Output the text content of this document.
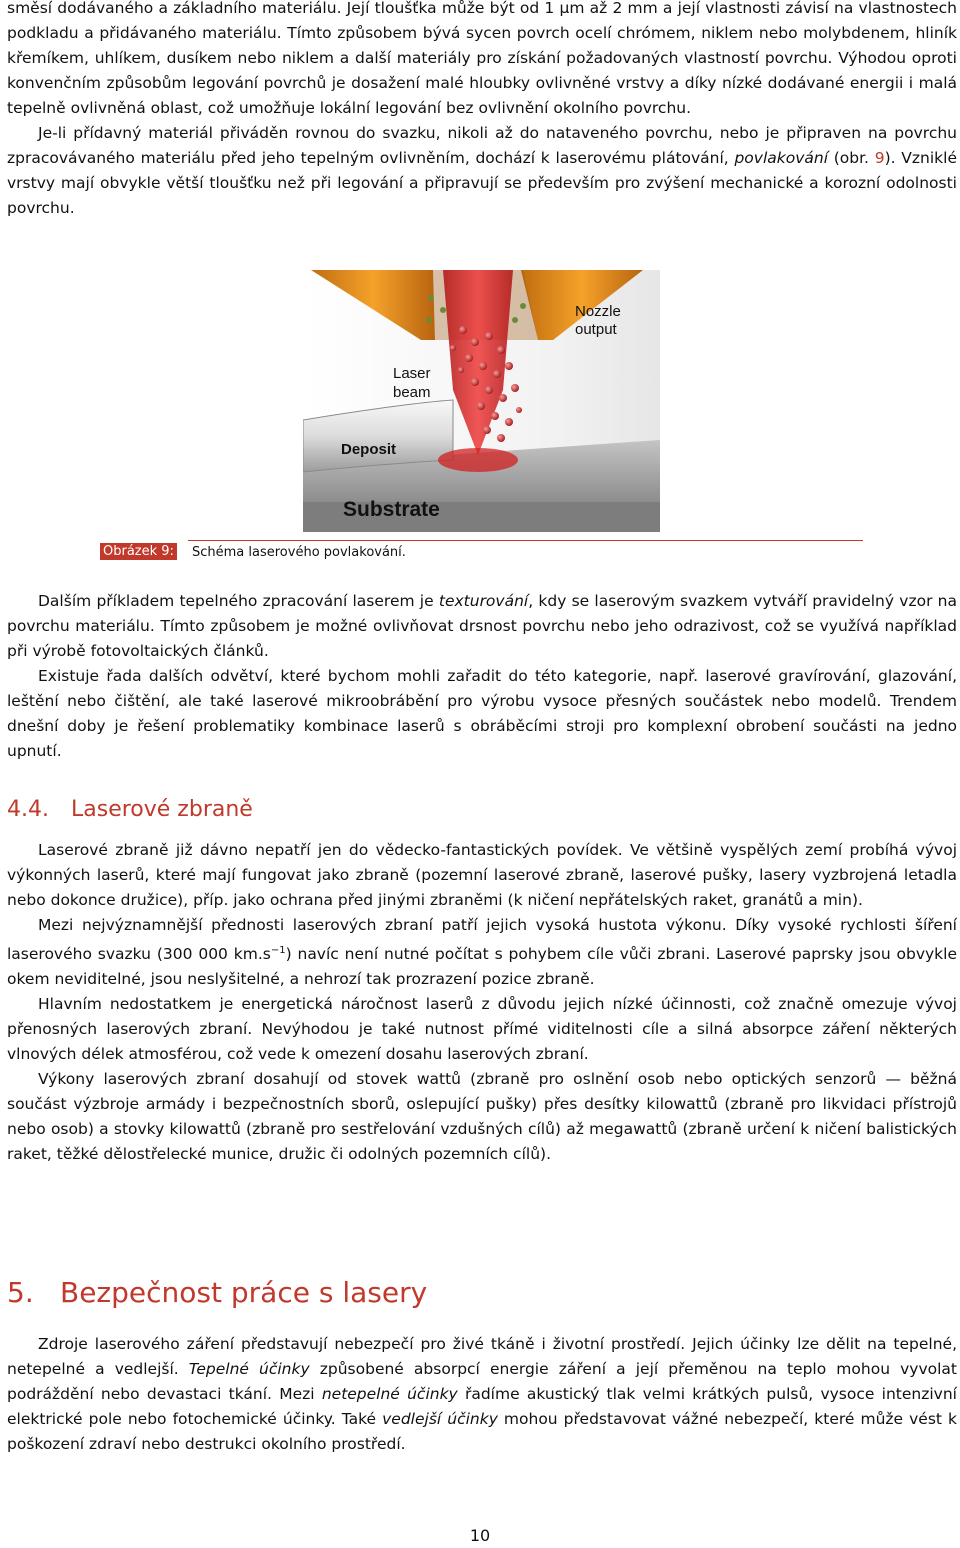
směsí dodávaného a základního materiálu. Její tloušťka může být od 1 µm až 2 mm a její vlastnosti závisí na vlastnostech podkladu a přidávaného materiálu. Tímto způsobem bývá sycen povrch ocelí chrómem, niklem nebo molybdenem, hliník křemíkem, uhlíkem, dusíkem nebo niklem a další materiály pro získání požadovaných vlastností povrchu. Výhodou oproti konvenčním způsobům legování povrchů je dosažení malé hloubky ovlivněné vrstvy a díky nízké dodávané energii i malá tepelně ovlivněná oblast, což umožňuje lokální legování bez ovlivnění okolního povrchu.

Je-li přídavný materiál přiváděn rovnou do svazku, nikoli až do nataveného povrchu, nebo je připraven na povrchu zpracovávaného materiálu před jeho tepelným ovlivněním, dochází k laserovému plátování, povlakování (obr. 9). Vzniklé vrstvy mají obvykle větší tloušťku než při legování a připravují se především pro zvýšení mechanické a korozní odolnosti povrchu.

Nozzle
output
Laser
beam
Deposit
Substrate
Obrázek 9: Schéma laserového povlakování.

Dalším příkladem tepelného zpracování laserem je texturování, kdy se laserovým svazkem vytváří pravidelný vzor na povrchu materiálu. Tímto způsobem je možné ovlivňovat drsnost povrchu nebo jeho odrazivost, což se využívá například při výrobě fotovoltaických článků.

Existuje řada dalších odvětví, které bychom mohli zařadit do této kategorie, např. laserové gravírování, glazování, leštění nebo čištění, ale také laserové mikroobrábění pro výrobu vysoce přesných součástek nebo modelů. Trendem dnešní doby je řešení problematiky kombinace laserů s obráběcími stroji pro komplexní obrobení součásti na jedno upnutí.

4.4. Laserové zbraně

Laserové zbraně již dávno nepatří jen do vědecko-fantastických povídek. Ve většině vyspělých zemí probíhá vývoj výkonných laserů, které mají fungovat jako zbraně (pozemní laserové zbraně, laserové pušky, lasery vyzbrojená letadla nebo dokonce družice), příp. jako ochrana před jinými zbraněmi (k ničení nepřátelských raket, granátů a min).

Mezi nejvýznamnější přednosti laserových zbraní patří jejich vysoká hustota výkonu. Díky vysoké rychlosti šíření laserového svazku (300 000 $km.s^{-1}$) navíc není nutné počítat s pohybem cíle vůči zbrani. Laserové paprsky jsou obvykle okem neviditelné, jsou neslyšitelné, a nehrozí tak prozrazení pozice zbraně.

Hlavním nedostatkem je energetická náročnost laserů z důvodu jejich nízké účinnosti, což značně omezuje vývoj přenosných laserových zbraní. Nevýhodou je také nutnost přímé viditelnosti cíle a silná absorpce záření některých vlnových délek atmosférou, což vede k omezení dosahu laserových zbraní.

Výkony laserových zbraní dosahují od stovek wattů (zbraně pro oslnění osob nebo optických senzorů — běžná součást výzbroje armády i bezpečnostních sborů, oslepující pušky) přes desítky kilowattů (zbraně pro likvidaci přístrojů nebo osob) a stovky kilowattů (zbraně pro sestřelování vzdušných cílů) až megawattů (zbraně určení k ničení balistických raket, těžké dělostřelecké munice, družic či odolných pozemních cílů).

5. Bezpečnost práce s lasery

Zdroje laserového záření představují nebezpečí pro živé tkáně i životní prostředí. Jejich účinky lze dělit na tepelné, netepelné a vedlejší. Tepelné účinky způsobené absorpcí energie záření a její přeměnou na teplo mohou vyvolat podráždění nebo devastaci tkání. Mezi netepelné účinky řadíme akustický tlak velmi krátkých pulsů, vysoce intenzivní elektrické pole nebo fotochemické účinky. Také vedlejší účinky mohou představovat vážné nebezpečí, které může vést k poškození zdraví nebo destrukci okolního prostředí.

10
